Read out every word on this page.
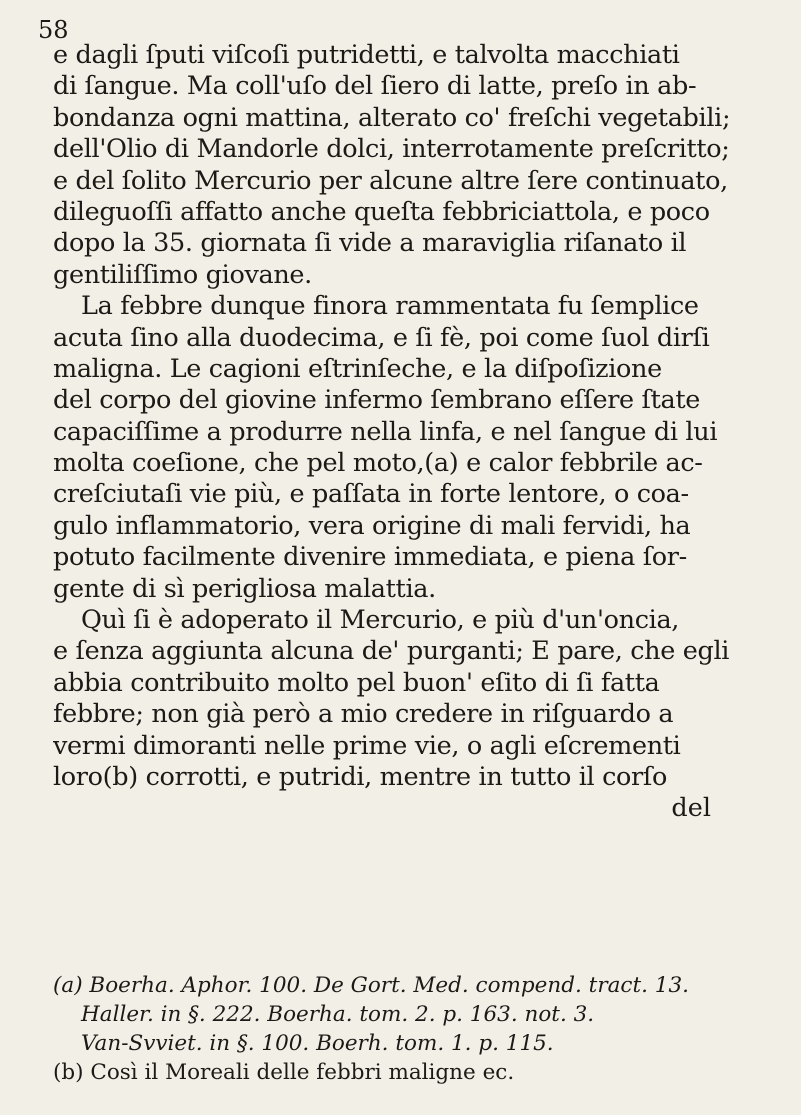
58
e dagli ſputi viſcoſi putridetti, e talvolta macchiati
di ſangue. Ma coll'uſo del ſiero di latte, preſo in ab-
bondanza ogni mattina, alterato co' freſchi vegetabili;
dell'Olio di Mandorle dolci, interrotamente preſcritto;
e del ſolito Mercurio per alcune altre ſere continuato,
dileguoſſi affatto anche queſta febbriciattola, e poco
dopo la 35. giornata ſi vide a maraviglia riſanato il
gentiliſſimo giovane.
La febbre dunque finora rammentata fu ſemplice
acuta ſino alla duodecima, e ſi fè, poi come ſuol dirſi
maligna. Le cagioni eſtrinſeche, e la diſpoſizione
del corpo del giovine infermo ſembrano eſſere ſtate
capaciſſime a produrre nella linfa, e nel ſangue di lui
molta coeſione, che pel moto,(a) e calor febbrile ac-
creſciutaſi vie più, e paſſata in forte lentore, o coa-
gulo inflammatorio, vera origine di mali fervidi, ha
potuto facilmente divenire immediata, e piena ſor-
gente di sì perigliosa malattia.
Quì ſi è adoperato il Mercurio, e più d'un'oncia,
e ſenza aggiunta alcuna de' purganti; E pare, che egli
abbia contribuito molto pel buon' eſito di ſi fatta
febbre; non già però a mio credere in riſguardo a
vermi dimoranti nelle prime vie, o agli eſcrementi
loro(b) corrotti, e putridi, mentre in tutto il corſo
del
(a) Boerha. Aphor. 100. De Gort. Med. compend. tract. 13.
Haller. in §. 222. Boerha. tom. 2. p. 163. not. 3.
Van-Svviet. in §. 100. Boerh. tom. 1. p. 115.
(b) Così il Moreali delle febbri maligne ec.
